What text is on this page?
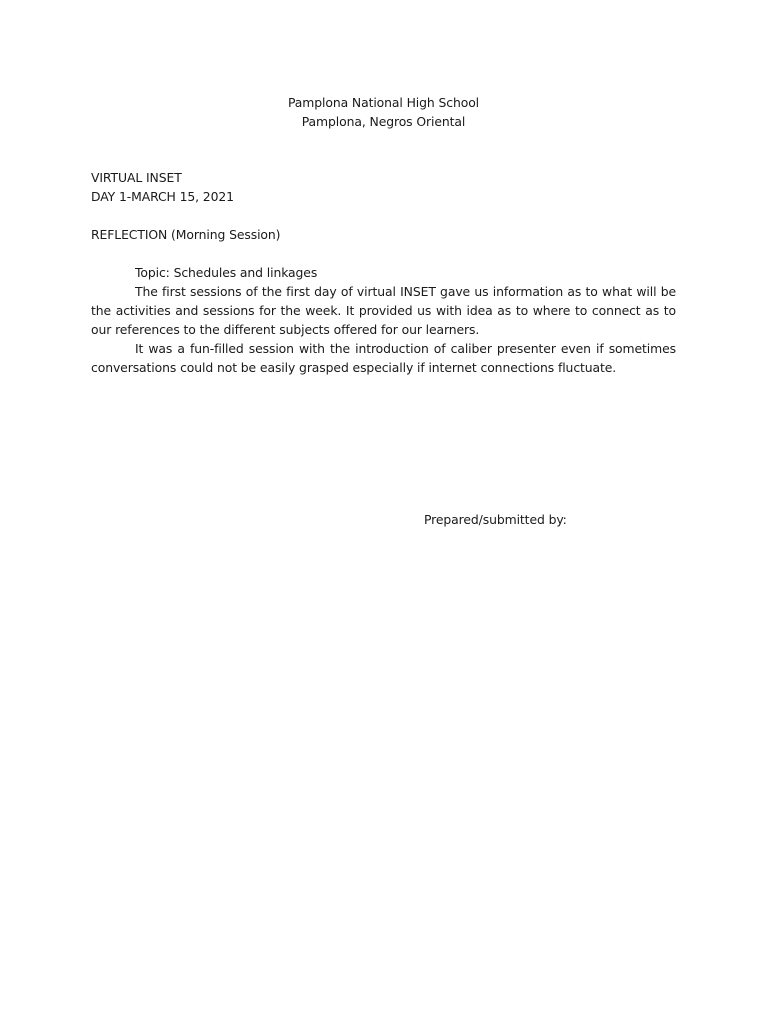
Pamplona National High School

Pamplona, Negros Oriental

VIRTUAL INSET

DAY 1-MARCH 15, 2021

REFLECTION (Morning Session)

Topic: Schedules and linkages

The first sessions of the first day of virtual INSET gave us information as to what will be the activities and sessions for the week. It provided us with idea as to where to connect as to our references to the different subjects offered for our learners.

It was a fun-filled session with the introduction of caliber presenter even if sometimes conversations could not be easily grasped especially if internet connections fluctuate.

Prepared/submitted by:
